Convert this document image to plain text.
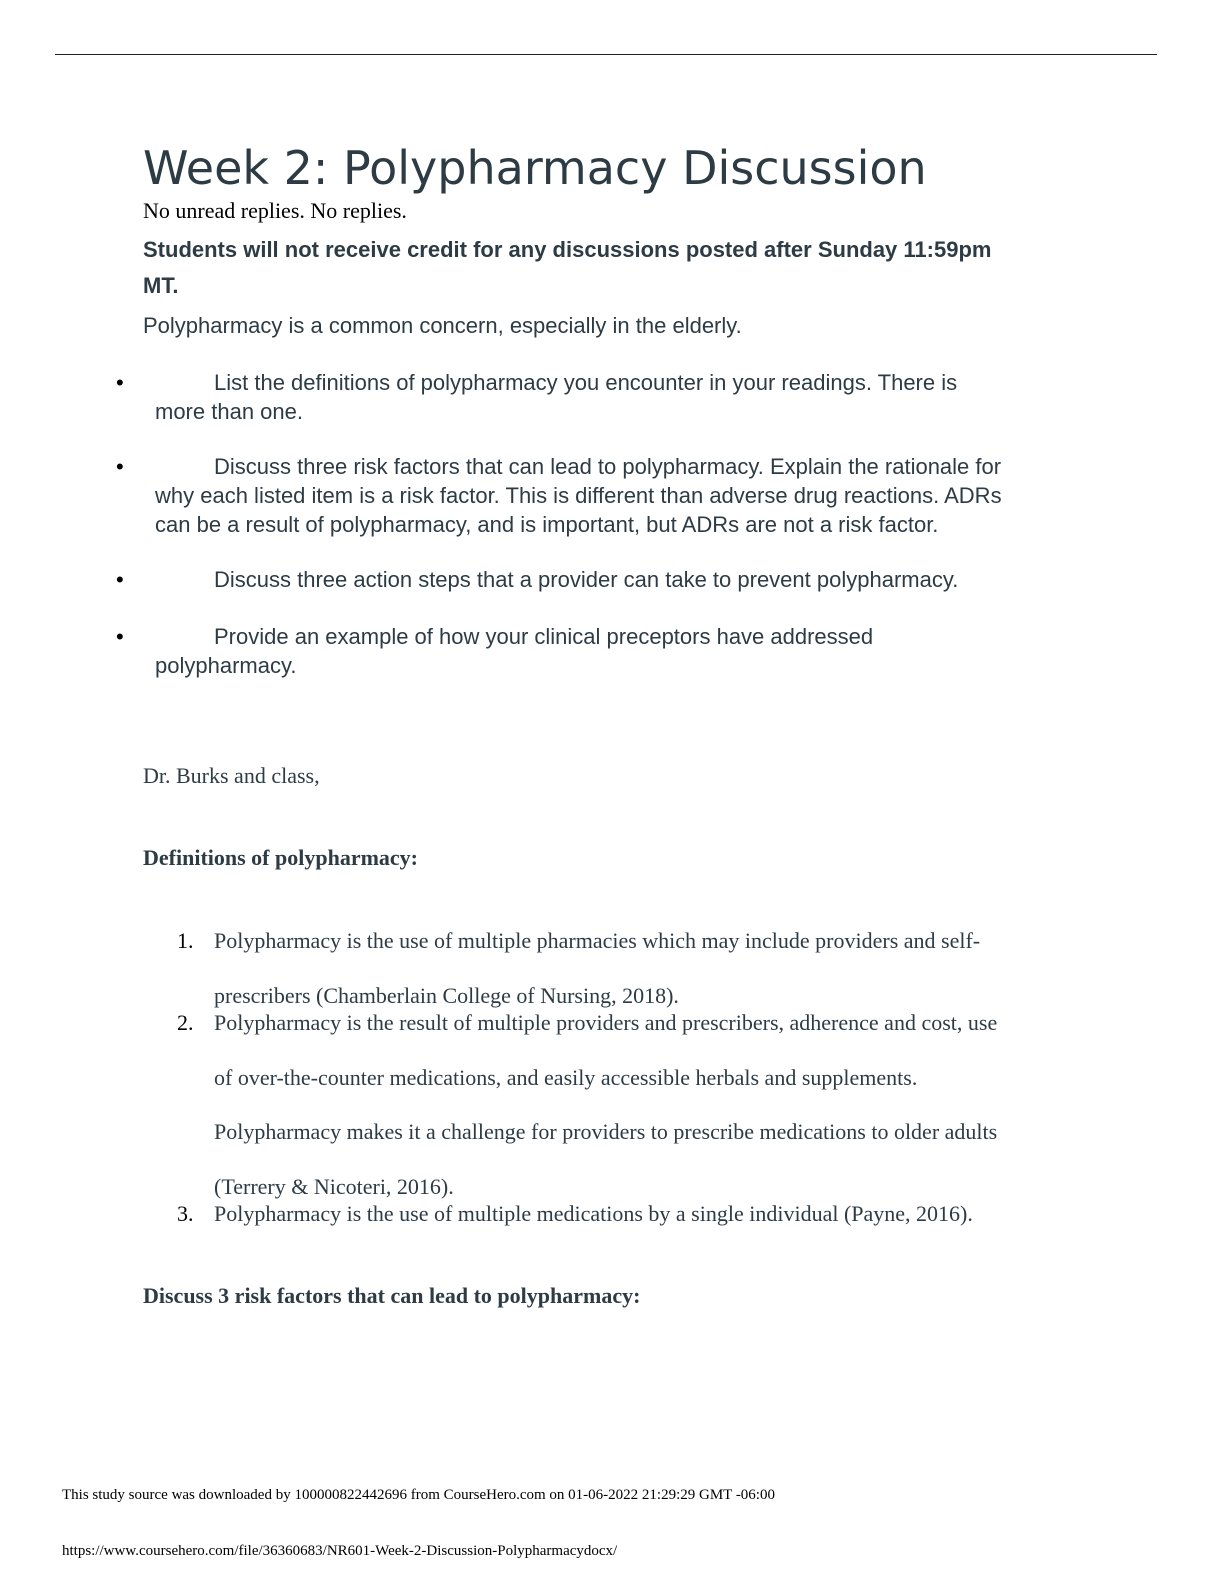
Week 2: Polypharmacy Discussion
No unread replies. No replies.
Students will not receive credit for any discussions posted after Sunday 11:59pm
MT.
Polypharmacy is a common concern, especially in the elderly.
•	List the definitions of polypharmacy you encounter in your readings. There is
more than one.
•	Discuss three risk factors that can lead to polypharmacy. Explain the rationale for
why each listed item is a risk factor. This is different than adverse drug reactions. ADRs
can be a result of polypharmacy, and is important, but ADRs are not a risk factor.
•	Discuss three action steps that a provider can take to prevent polypharmacy.
•	Provide an example of how your clinical preceptors have addressed
polypharmacy.
Dr. Burks and class,
Definitions of polypharmacy:
1. Polypharmacy is the use of multiple pharmacies which may include providers and self-
prescribers (Chamberlain College of Nursing, 2018).
2. Polypharmacy is the result of multiple providers and prescribers, adherence and cost, use
of over-the-counter medications, and easily accessible herbals and supplements.
Polypharmacy makes it a challenge for providers to prescribe medications to older adults
(Terrery & Nicoteri, 2016).
3. Polypharmacy is the use of multiple medications by a single individual (Payne, 2016).
Discuss 3 risk factors that can lead to polypharmacy:
This study source was downloaded by 100000822442696 from CourseHero.com on 01-06-2022 21:29:29 GMT -06:00
https://www.coursehero.com/file/36360683/NR601-Week-2-Discussion-Polypharmacydocx/
